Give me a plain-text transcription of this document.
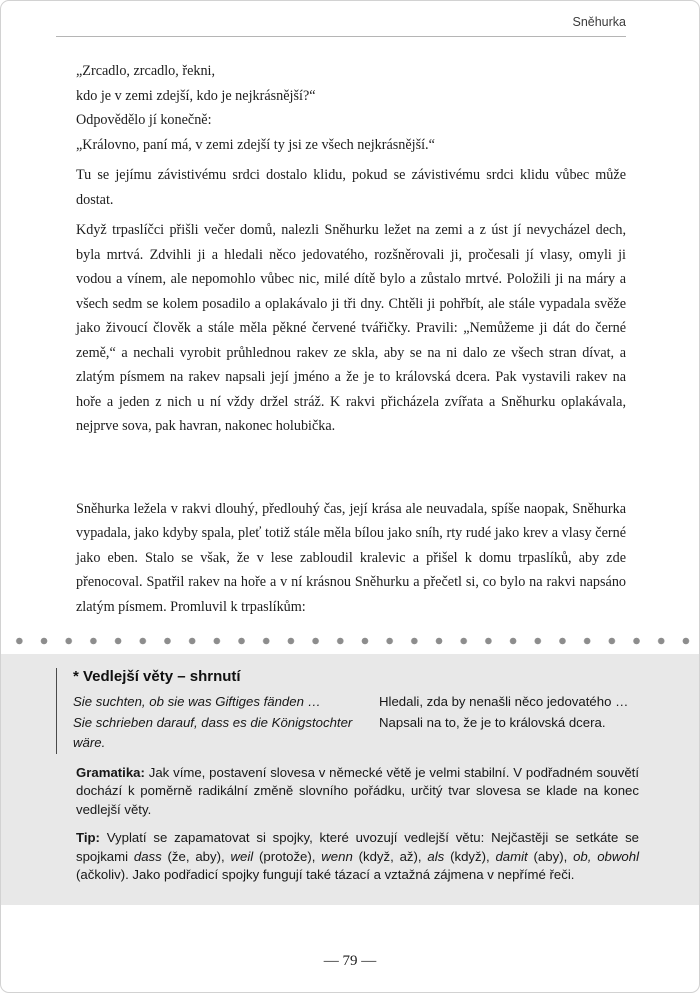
Sněhurka
„Zrcadlo, zrcadlo, řekni,
kdo je v zemi zdejší, kdo je nejkrásnější?“
Odpovědělo jí konečně:
„Královno, paní má, v zemi zdejší ty jsi ze všech nejkrásnější.“

Tu se jejímu závistivému srdci dostalo klidu, pokud se závistivému srdci klidu vůbec může dostat.

Když trpaslíčci přišli večer domů, nalezli Sněhurku ležet na zemi a z úst jí nevycházel dech, byla mrtvá. Zdvihli ji a hledali něco jedovatého, rozšněrovali ji, pročesali jí vlasy, omyli ji vodou a vínem, ale nepomohlo vůbec nic, milé dítě bylo a zůstalo mrtvé. Položili ji na máry a všech sedm se kolem posadilo a oplakávalo ji tři dny. Chtěli ji pohřbít, ale stále vypadala svěže jako živoucí člověk a stále měla pěkné červené tvářičky. Pravili: „Nemůžeme ji dát do černé země,“ a nechali vyrobit průhlednou rakev ze skla, aby se na ni dalo ze všech stran dívat, a zlatým písmem na rakev napsali její jméno a že je to královská dcera. Pak vystavili rakev na hoře a jeden z nich u ní vždy držel stráž. K rakvi přicházela zvířata a Sněhurku oplakávala, nejprve sova, pak havran, nakonec holubička.

Sněhurka ležela v rakvi dlouhý, předlouhý čas, její krása ale neuvadala, spíše naopak, Sněhurka vypadala, jako kdyby spala, pleť totiž stále měla bílou jako sníh, rty rudé jako krev a vlasy černé jako eben. Stalo se však, že v lese zabloudil kralevic a přišel k domu trpaslíků, aby zde přenocoval. Spatřil rakev na hoře a v ní krásnou Sněhurku a přečetl si, co bylo na rakvi napsáno zlatým písmem. Promluvil k trpaslíkům:

* Vedlejší věty – shrnutí
Sie suchten, ob sie was Giftiges fänden …	Hledali, zda by nenašli něco jedovatého …
Sie schrieben darauf, dass es die Königstochter wäre.
Napsali na to, že je to královská dcera.

Gramatika: Jak víme, postavení slovesa v německé větě je velmi stabilní. V podřadném souvětí dochází k poměrně radikální změně slovního pořádku, určitý tvar slovesa se klade na konec vedlejší věty.

Tip: Vyplatí se zapamatovat si spojky, které uvozují vedlejší větu: Nejčastěji se setkáte se spojkami dass (že, aby), weil (protože), wenn (když, až), als (když), damit (aby), ob, obwohl (ačkoliv). Jako podřadicí spojky fungují také tázací a vztažná zájmena v nepřímé řeči.

— 79 —
